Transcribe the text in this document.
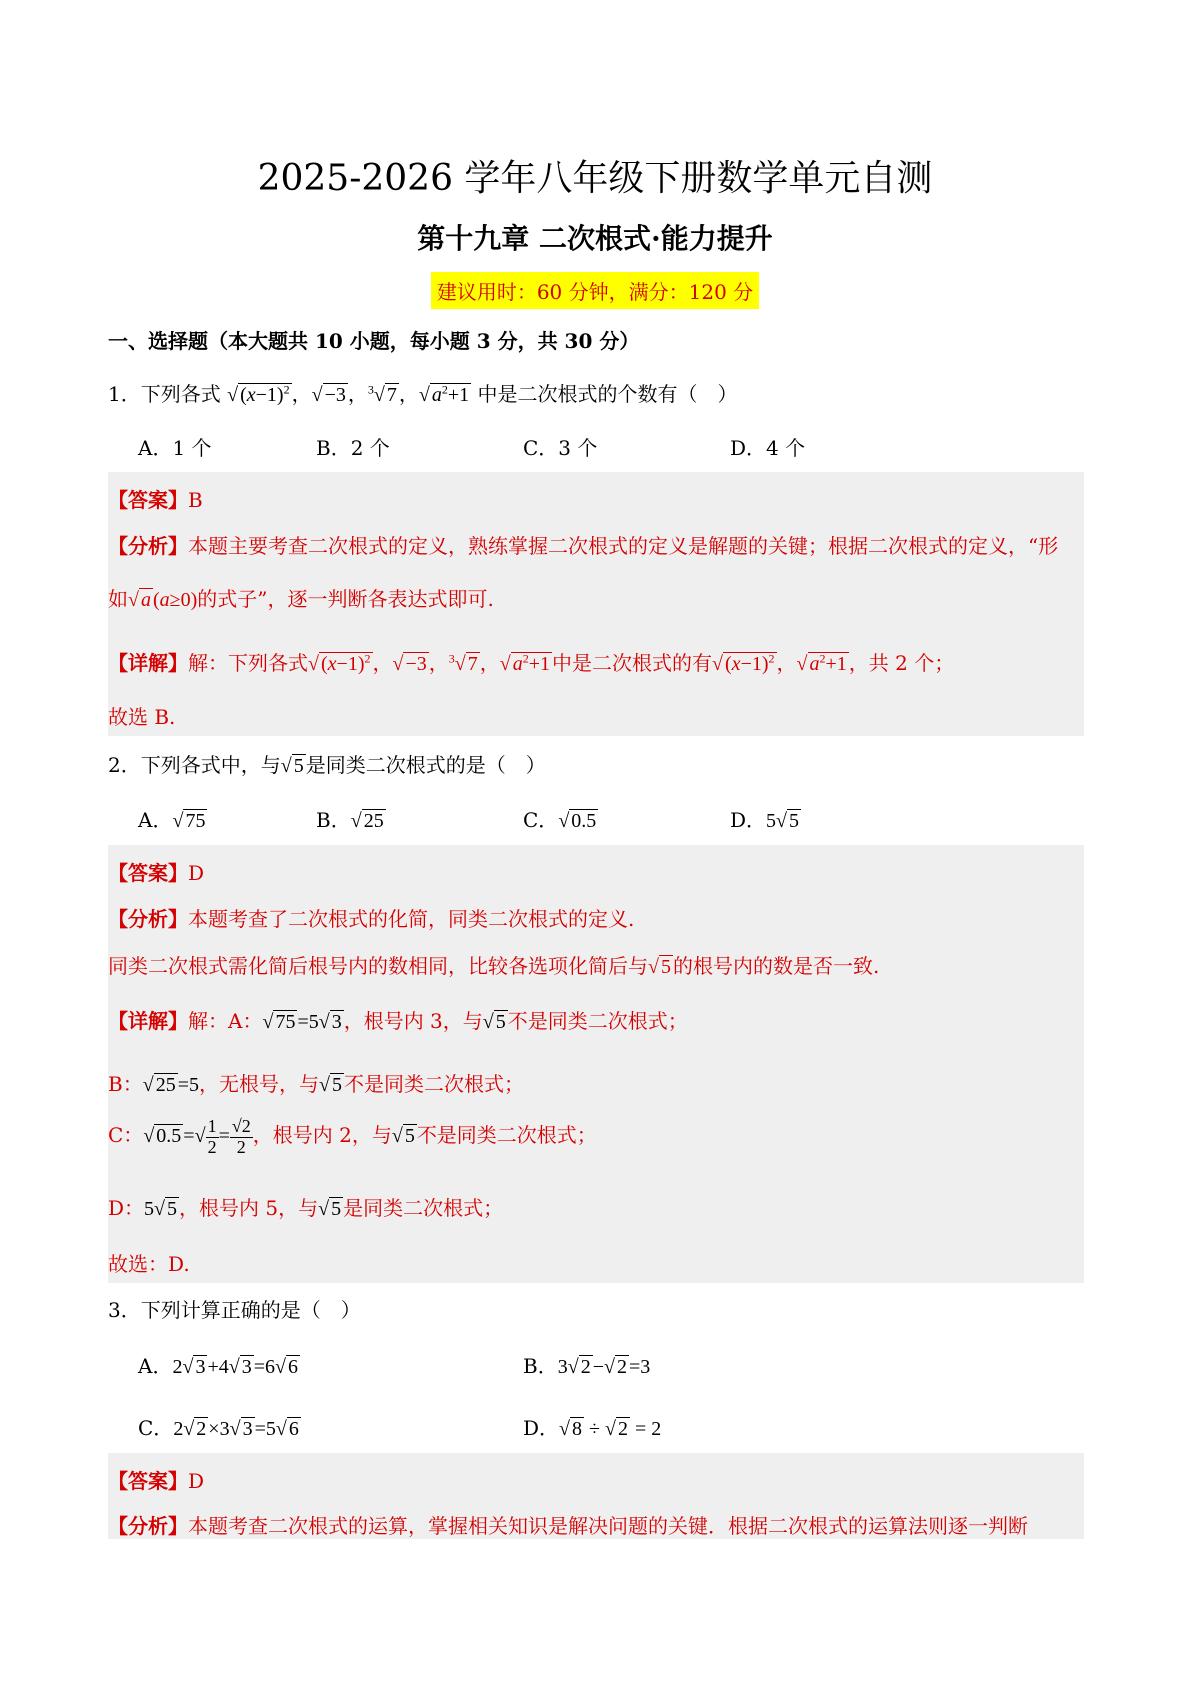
2025-2026 学年八年级下册数学单元自测
第十九章 二次根式·能力提升
建议用时：60 分钟，满分：120 分
一、选择题（本大题共 10 小题，每小题 3 分，共 30 分）
1．下列各式 √ $(x-1)^2$ ，√ −3 ，$^3$√ 7 ，√ $a^2+1$ 中是二次根式的个数有（　）
A．1 个	B．2 个	C．3 个	D．4 个
【答案】B
【分析】本题主要考查二次根式的定义，熟练掌握二次根式的定义是解题的关键；根据二次根式的定义，“形
如√ a (a≥0)的式子”，逐一判断各表达式即可.
【详解】解：下列各式√ $(x-1)^2$ ，√ −3 ，$^3$√ 7 ，√ $a^2+1$ 中是二次根式的有√ $(x-1)^2$ ，√ $a^2+1$ ，共 2 个；
故选 B.
2．下列各式中，与√ 5 是同类二次根式的是（　）
A．√ 75	B．√ 25	C．√ 0.5	D．5√ 5
【答案】D
【分析】本题考查了二次根式的化简，同类二次根式的定义.
同类二次根式需化简后根号内的数相同，比较各选项化简后与√ 5 的根号内的数是否一致.
【详解】解：A：√ 75 =5√ 3 ，根号内 3，与√ 5 不是同类二次根式；
B：√ 25 =5，无根号，与√ 5 不是同类二次根式；
C：√ 0.5 =√ $\frac{1}{2} = \frac{√2}{2}$ ，根号内 2，与√ 5 不是同类二次根式；
D：5√ 5 ，根号内 5，与√ 5 是同类二次根式；
故选：D.
3．下列计算正确的是（　）
A．2√ 3 +4√ 3 =6√ 6	B．3√ 2 −√ 2 =3
C．2√ 2 ×3√ 3 =5√ 6	D．√ 8 ÷ √ 2 = 2
【答案】D
【分析】本题考查二次根式的运算，掌握相关知识是解决问题的关键．根据二次根式的运算法则逐一判断
